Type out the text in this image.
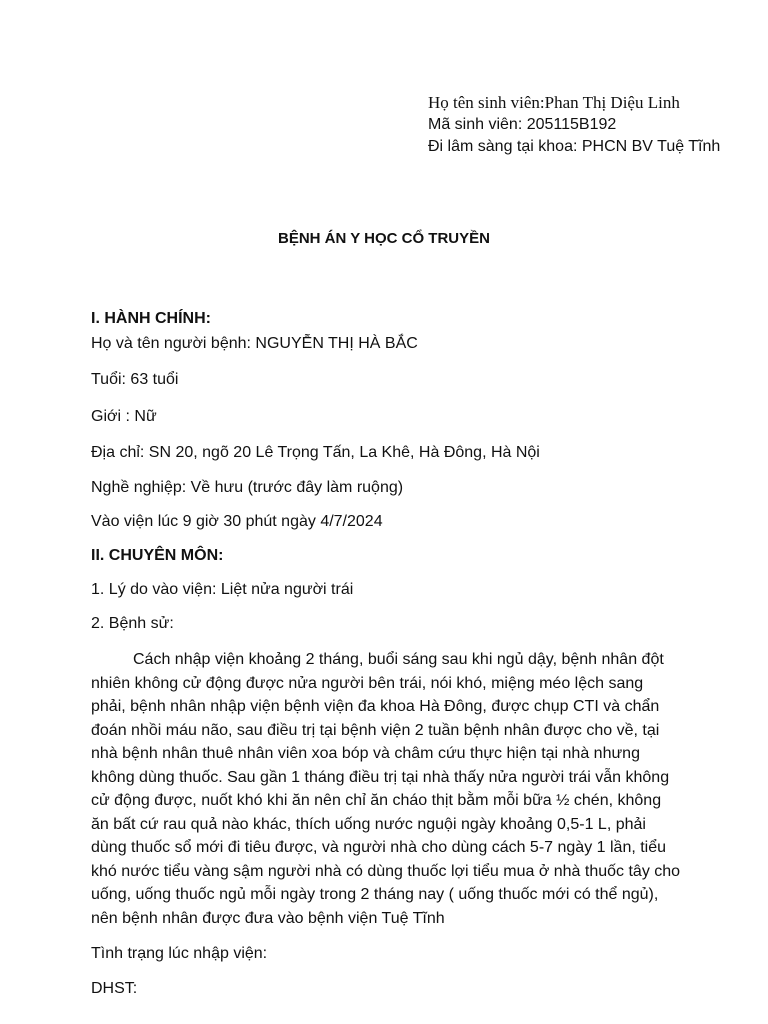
Họ tên sinh viên:Phan Thị Diệu Linh
Mã sinh viên: 205115B192
Đi lâm sàng tại khoa: PHCN BV Tuệ Tĩnh
BỆNH ÁN Y HỌC CỔ TRUYỀN
I. HÀNH CHÍNH:
Họ và tên người bệnh: NGUYỄN THỊ HÀ BẮC
Tuổi: 63 tuổi
Giới : Nữ
Địa chỉ: SN 20, ngõ 20 Lê Trọng Tấn, La Khê, Hà Đông, Hà Nội
Nghề nghiệp: Về hưu (trước đây làm ruộng)
Vào viện lúc 9 giờ 30 phút ngày 4/7/2024
II. CHUYÊN MÔN:
1. Lý do vào viện: Liệt nửa người trái
2. Bệnh sử:
Cách nhập viện khoảng 2 tháng, buổi sáng sau khi ngủ dậy, bệnh nhân đột nhiên không cử động được nửa người bên trái, nói khó, miệng méo lệch sang phải, bệnh nhân nhập viện bệnh viện đa khoa Hà Đông, được chụp CTI và chẩn đoán nhồi máu não, sau điều trị tại bệnh viện 2 tuần bệnh nhân được cho về, tại nhà bệnh nhân thuê nhân viên xoa bóp và châm cứu thực hiện tại nhà nhưng không dùng thuốc. Sau gần 1 tháng điều trị tại nhà thấy nửa người trái vẫn không cử động được, nuốt khó khi ăn nên chỉ ăn cháo thịt bằm mỗi bữa ½ chén, không ăn bất cứ rau quả nào khác, thích uống nước nguội ngày khoảng 0,5-1 L, phải dùng thuốc sổ mới đi tiêu được, và người nhà cho dùng cách 5-7 ngày 1 lần, tiểu khó nước tiểu vàng sậm người nhà có dùng thuốc lợi tiểu mua ở nhà thuốc tây cho uống, uống thuốc ngủ mỗi ngày trong 2 tháng nay ( uống thuốc mới có thể ngủ), nên bệnh nhân được đưa vào bệnh viện Tuệ Tĩnh
Tình trạng lúc nhập viện:
DHST:
